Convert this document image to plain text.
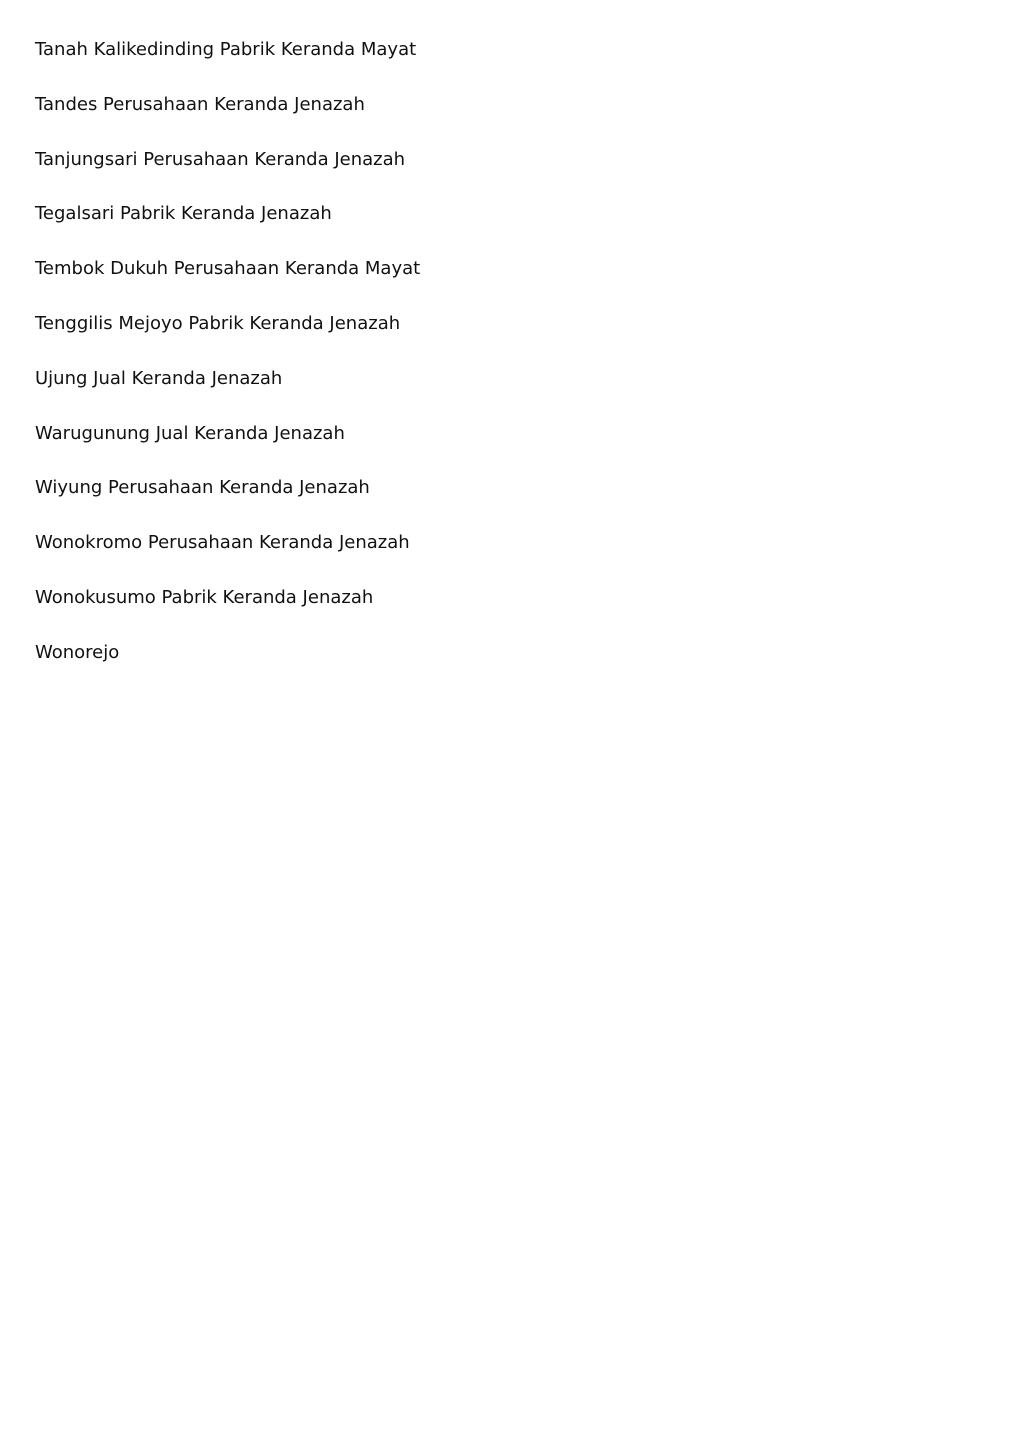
Tanah Kalikedinding Pabrik Keranda Mayat
Tandes Perusahaan Keranda Jenazah
Tanjungsari Perusahaan Keranda Jenazah
Tegalsari Pabrik Keranda Jenazah
Tembok Dukuh Perusahaan Keranda Mayat
Tenggilis Mejoyo Pabrik Keranda Jenazah
Ujung Jual Keranda Jenazah
Warugunung Jual Keranda Jenazah
Wiyung Perusahaan Keranda Jenazah
Wonokromo Perusahaan Keranda Jenazah
Wonokusumo Pabrik Keranda Jenazah
Wonorejo
